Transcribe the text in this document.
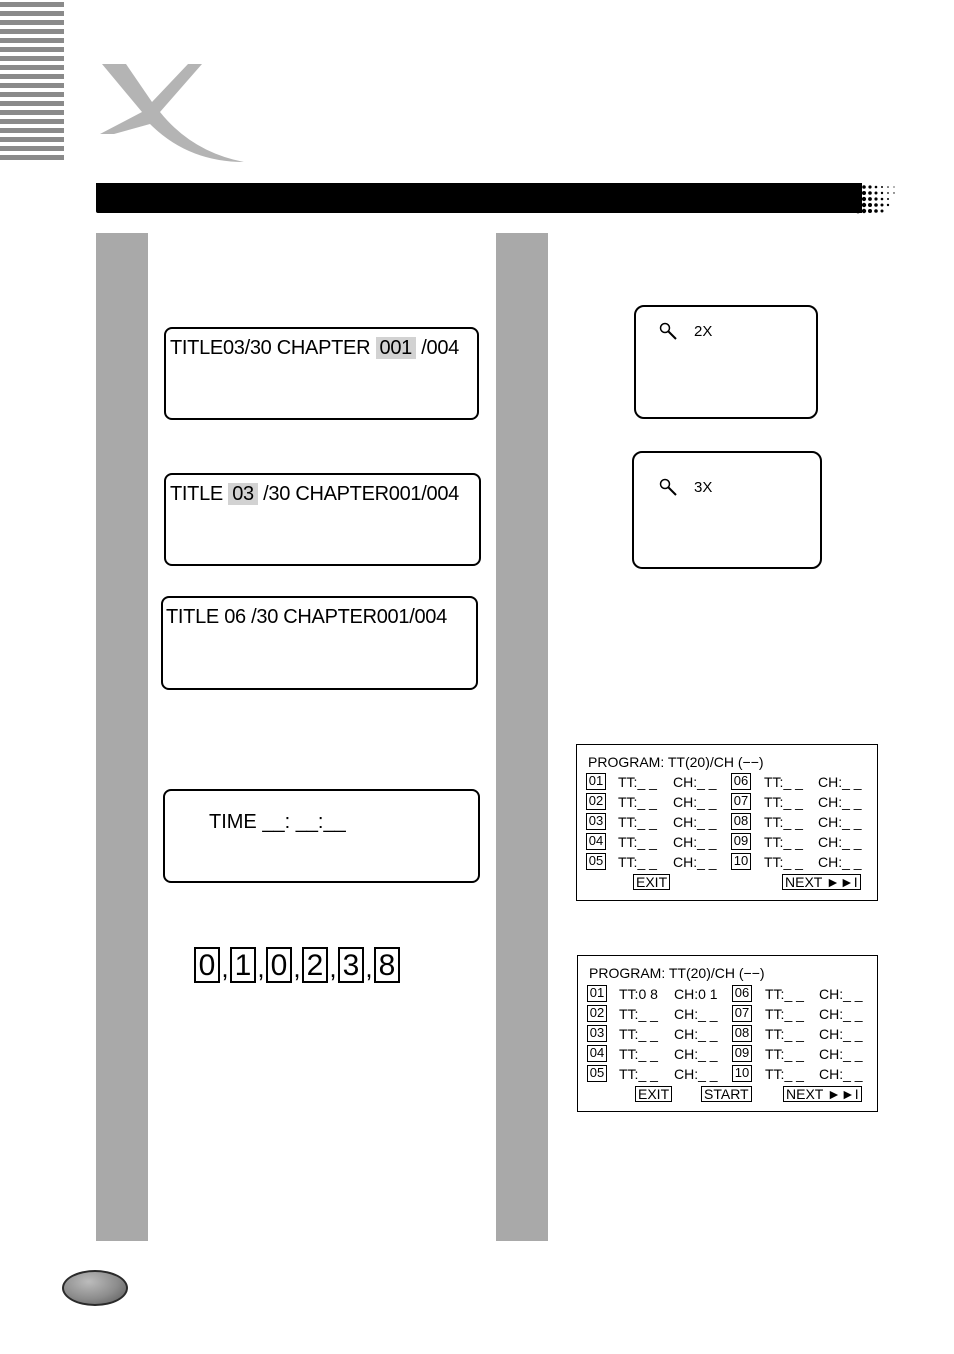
TITLE03/30 CHAPTER 001 /004
TITLE 03 /30 CHAPTER001/004
TITLE 06 /30 CHAPTER001/004
TIME __: __:__
0 , 1 , 0 , 2 , 3 , 8
2X
3X
PROGRAM: TT(20)/CH (−−)
01 TT:_ _ CH:_ _ 06 TT:_ _ CH:_ _
02 TT:_ _ CH:_ _ 07 TT:_ _ CH:_ _
03 TT:_ _ CH:_ _ 08 TT:_ _ CH:_ _
04 TT:_ _ CH:_ _ 09 TT:_ _ CH:_ _
05 TT:_ _ CH:_ _ 10 TT:_ _ CH:_ _
EXIT	NEXT ►►I
PROGRAM: TT(20)/CH (−−)
01 TT:0 8 CH:0 1 06 TT:_ _ CH:_ _
02 TT:_ _ CH:_ _ 07 TT:_ _ CH:_ _
03 TT:_ _ CH:_ _ 08 TT:_ _ CH:_ _
04 TT:_ _ CH:_ _ 09 TT:_ _ CH:_ _
05 TT:_ _ CH:_ _ 10 TT:_ _ CH:_ _
EXIT START	NEXT ►►I
